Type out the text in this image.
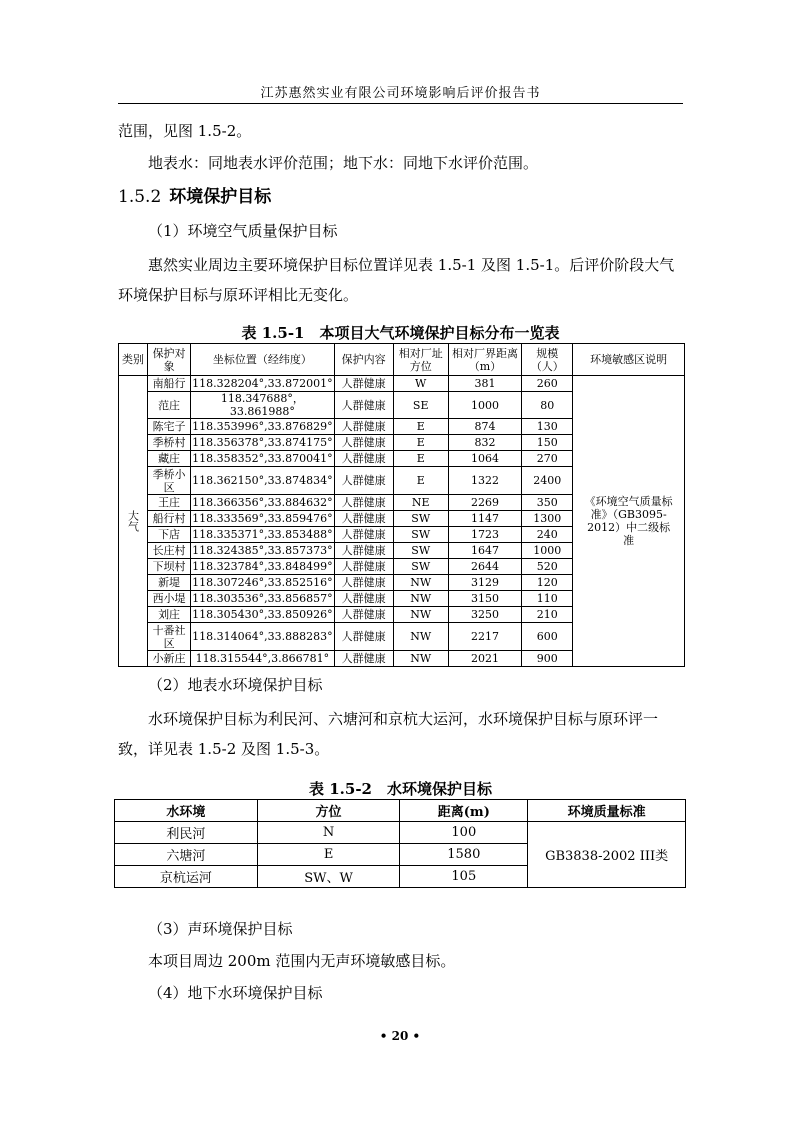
江苏惠然实业有限公司环境影响后评价报告书

范围，见图 1.5-2。

地表水：同地表水评价范围；地下水：同地下水评价范围。

1.5.2 环境保护目标

（1）环境空气质量保护目标

惠然实业周边主要环境保护目标位置详见表 1.5-1 及图 1.5-1。后评价阶段大气环境保护目标与原环评相比无变化。

表 1.5-1　本项目大气环境保护目标分布一览表
类别	保护对象	坐标位置（经纬度）	保护内容	相对厂址方位	相对厂界距离（m）	规模（人）	环境敏感区说明
大气	南船行	118.328204°,33.872001°	人群健康	W	381	260	《环境空气质量标准》（GB3095-2012）中二级标准
	范庄	118.347688°，33.861988°	人群健康	SE	1000	80	
	陈宅子	118.353996°,33.876829°	人群健康	E	874	130	
	季桥村	118.356378°,33.874175°	人群健康	E	832	150	
	藏庄	118.358352°,33.870041°	人群健康	E	1064	270	
	季桥小区	118.362150°,33.874834°	人群健康	E	1322	2400	
	王庄	118.366356°,33.884632°	人群健康	NE	2269	350	
	船行村	118.333569°,33.859476°	人群健康	SW	1147	1300	
	下店	118.335371°,33.853488°	人群健康	SW	1723	240	
	长庄村	118.324385°,33.857373°	人群健康	SW	1647	1000	
	下坝村	118.323784°,33.848499°	人群健康	SW	2644	520	
	新堤	118.307246°,33.852516°	人群健康	NW	3129	120	
	西小堤	118.303536°,33.856857°	人群健康	NW	3150	110	
	刘庄	118.305430°,33.850926°	人群健康	NW	3250	210	
	十番社区	118.314064°,33.888283°	人群健康	NW	2217	600	
	小新庄	118.315544°,3.866781°	人群健康	NW	2021	900	

（2）地表水环境保护目标

水环境保护目标为利民河、六塘河和京杭大运河，水环境保护目标与原环评一致，详见表 1.5-2 及图 1.5-3。

表 1.5-2　水环境保护目标
水环境	方位	距离(m)	环境质量标准
利民河	N	100	GB3838-2002 III类
六塘河	E	1580	
京杭运河	SW、W	105	

（3）声环境保护目标

本项目周边 200m 范围内无声环境敏感目标。

（4）地下水环境保护目标

• 20 •
